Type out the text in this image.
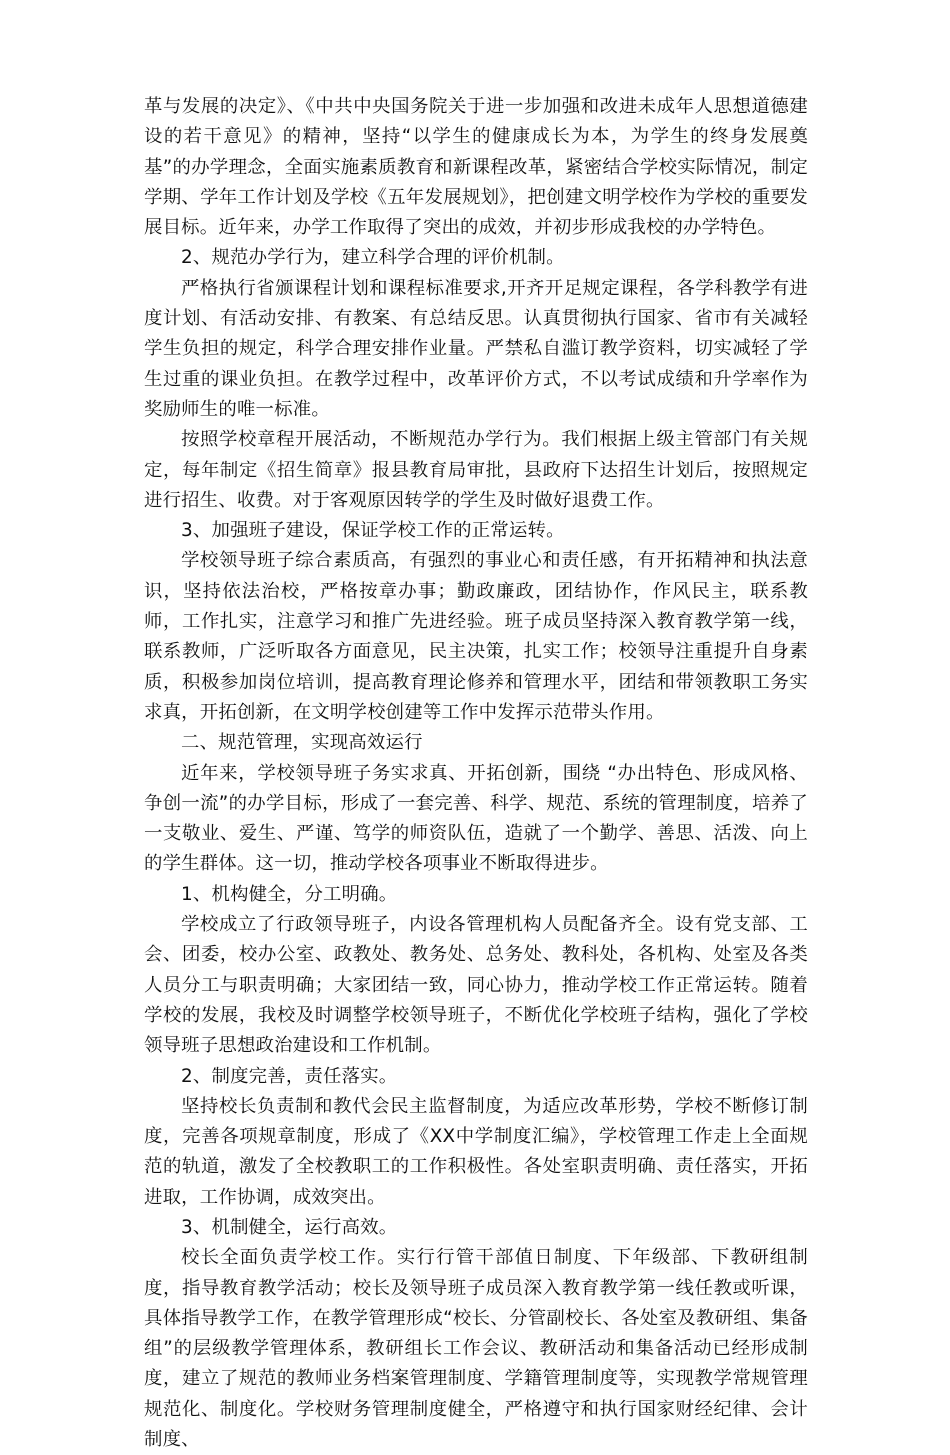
革与发展的决定》、《中共中央国务院关于进一步加强和改进未成年人思想道德建设的若干意见》的精神，坚持“以学生的健康成长为本，为学生的终身发展奠基”的办学理念，全面实施素质教育和新课程改革，紧密结合学校实际情况，制定学期、学年工作计划及学校《五年发展规划》，把创建文明学校作为学校的重要发展目标。近年来，办学工作取得了突出的成效，并初步形成我校的办学特色。

2、规范办学行为，建立科学合理的评价机制。

严格执行省颁课程计划和课程标准要求,开齐开足规定课程，各学科教学有进度计划、有活动安排、有教案、有总结反思。认真贯彻执行国家、省市有关减轻学生负担的规定，科学合理安排作业量。严禁私自滥订教学资料，切实减轻了学生过重的课业负担。在教学过程中，改革评价方式，不以考试成绩和升学率作为奖励师生的唯一标准。

按照学校章程开展活动，不断规范办学行为。我们根据上级主管部门有关规定，每年制定《招生简章》报县教育局审批，县政府下达招生计划后，按照规定进行招生、收费。对于客观原因转学的学生及时做好退费工作。

3、加强班子建设，保证学校工作的正常运转。

学校领导班子综合素质高，有强烈的事业心和责任感，有开拓精神和执法意识，坚持依法治校，严格按章办事；勤政廉政，团结协作，作风民主，联系教师，工作扎实，注意学习和推广先进经验。班子成员坚持深入教育教学第一线，联系教师，广泛听取各方面意见，民主决策，扎实工作；校领导注重提升自身素质，积极参加岗位培训，提高教育理论修养和管理水平，团结和带领教职工务实求真，开拓创新，在文明学校创建等工作中发挥示范带头作用。

二、规范管理，实现高效运行

近年来，学校领导班子务实求真、开拓创新，围绕 “办出特色、形成风格、争创一流”的办学目标，形成了一套完善、科学、规范、系统的管理制度，培养了一支敬业、爱生、严谨、笃学的师资队伍，造就了一个勤学、善思、活泼、向上的学生群体。这一切，推动学校各项事业不断取得进步。

1、机构健全，分工明确。

学校成立了行政领导班子，内设各管理机构人员配备齐全。设有党支部、工会、团委，校办公室、政教处、教务处、总务处、教科处，各机构、处室及各类人员分工与职责明确；大家团结一致，同心协力，推动学校工作正常运转。随着学校的发展，我校及时调整学校领导班子，不断优化学校班子结构，强化了学校领导班子思想政治建设和工作机制。

2、制度完善，责任落实。

坚持校长负责制和教代会民主监督制度，为适应改革形势，学校不断修订制度，完善各项规章制度，形成了《XX中学制度汇编》，学校管理工作走上全面规范的轨道，激发了全校教职工的工作积极性。各处室职责明确、责任落实，开拓进取，工作协调，成效突出。

3、机制健全，运行高效。

校长全面负责学校工作。实行行管干部值日制度、下年级部、下教研组制度，指导教育教学活动；校长及领导班子成员深入教育教学第一线任教或听课，具体指导教学工作，在教学管理形成“校长、分管副校长、各处室及教研组、集备组”的层级教学管理体系，教研组长工作会议、教研活动和集备活动已经形成制度，建立了规范的教师业务档案管理制度、学籍管理制度等，实现教学常规管理规范化、制度化。学校财务管理制度健全，严格遵守和执行国家财经纪律、会计制度、
